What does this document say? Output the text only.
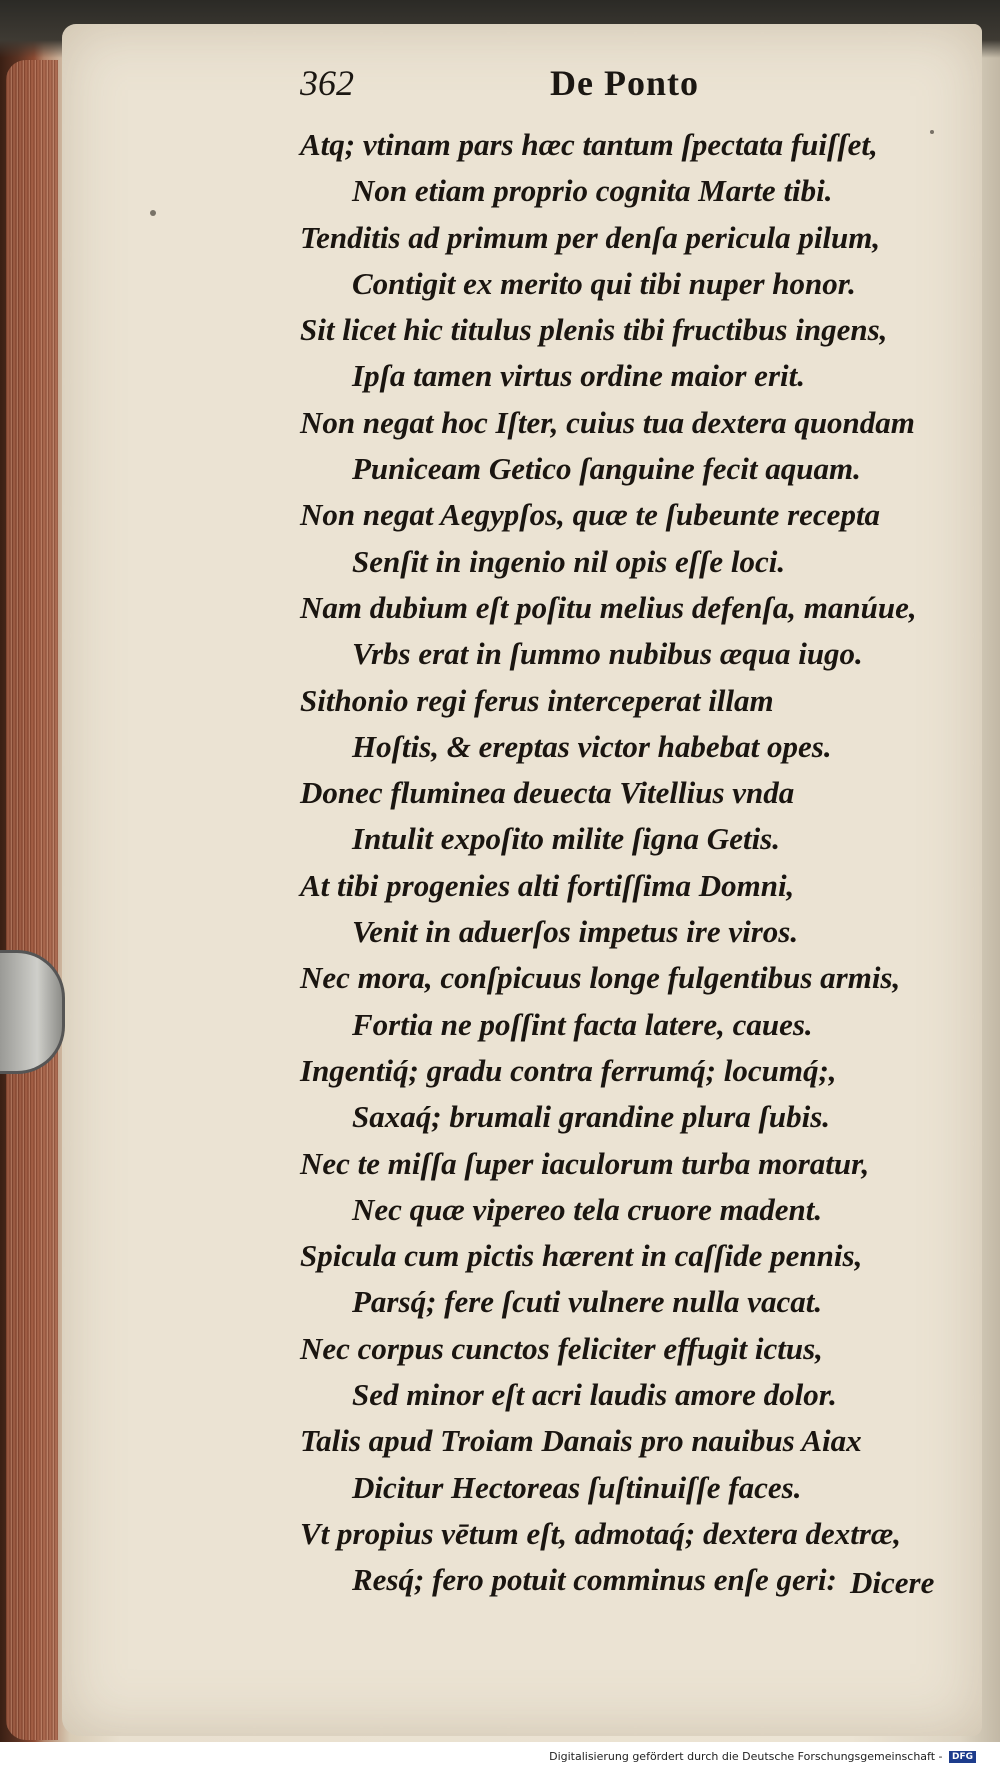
362	De Ponto
Atq; vtinam pars hæc tantum ſpectata fuiſſet,
Non etiam proprio cognita Marte tibi.
Tenditis ad primum per denſa pericula pilum,
Contigit ex merito qui tibi nuper honor.
Sit licet hic titulus plenis tibi fructibus ingens,
Ipſa tamen virtus ordine maior erit.
Non negat hoc Iſter, cuius tua dextera quondam
Puniceam Getico ſanguine fecit aquam.
Non negat Aegypſos, quæ te ſubeunte recepta
Senſit in ingenio nil opis eſſe loci.
Nam dubium eſt poſitu melius defenſa, manúue,
Vrbs erat in ſummo nubibus æqua iugo.
Sithonio regi ferus interceperat illam
Hoſtis, & ereptas victor habebat opes.
Donec fluminea deuecta Vitellius vnda
Intulit expoſito milite ſigna Getis.
At tibi progenies alti fortiſſima Domni,
Venit in aduerſos impetus ire viros.
Nec mora, conſpicuus longe fulgentibus armis,
Fortia ne poſſint facta latere, caues.
Ingentiq́; gradu contra ferrumq́; locumq́;,
Saxaq́; brumali grandine plura ſubis.
Nec te miſſa ſuper iaculorum turba moratur,
Nec quæ vipereo tela cruore madent.
Spicula cum pictis hærent in caſſide pennis,
Parsq́; fere ſcuti vulnere nulla vacat.
Nec corpus cunctos feliciter effugit ictus,
Sed minor eſt acri laudis amore dolor.
Talis apud Troiam Danais pro nauibus Aiax
Dicitur Hectoreas ſuſtinuiſſe faces.
Vt propius vētum eſt, admotaq́; dextera dextræ,
Resq́; fero potuit comminus enſe geri: Dicere
Digitalisierung gefördert durch die Deutsche Forschungsgemeinschaft - DFG
